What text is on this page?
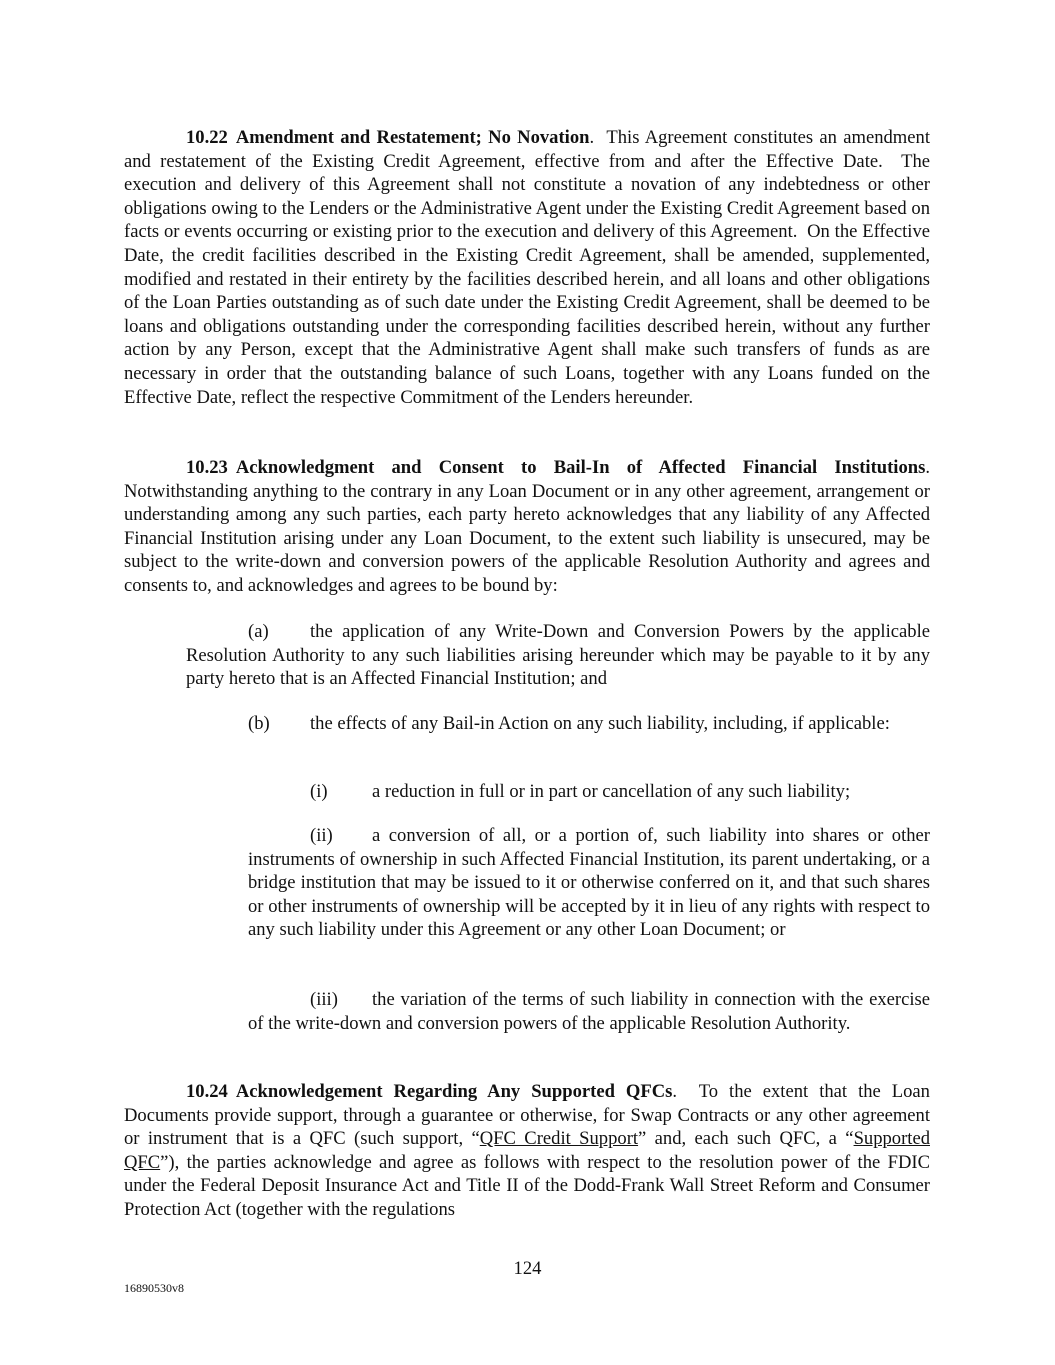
10.22 Amendment and Restatement; No Novation.  This Agreement constitutes an amendment and restatement of the Existing Credit Agreement, effective from and after the Effective Date.  The execution and delivery of this Agreement shall not constitute a novation of any indebtedness or other obligations owing to the Lenders or the Administrative Agent under the Existing Credit Agreement based on facts or events occurring or existing prior to the execution and delivery of this Agreement.  On the Effective Date, the credit facilities described in the Existing Credit Agreement, shall be amended, supplemented, modified and restated in their entirety by the facilities described herein, and all loans and other obligations of the Loan Parties outstanding as of such date under the Existing Credit Agreement, shall be deemed to be loans and obligations outstanding under the corresponding facilities described herein, without any further action by any Person, except that the Administrative Agent shall make such transfers of funds as are necessary in order that the outstanding balance of such Loans, together with any Loans funded on the Effective Date, reflect the respective Commitment of the Lenders hereunder.

10.23 Acknowledgment and Consent to Bail-In of Affected Financial Institutions. Notwithstanding anything to the contrary in any Loan Document or in any other agreement, arrangement or understanding among any such parties, each party hereto acknowledges that any liability of any Affected Financial Institution arising under any Loan Document, to the extent such liability is unsecured, may be subject to the write-down and conversion powers of the applicable Resolution Authority and agrees and consents to, and acknowledges and agrees to be bound by:

(a) the application of any Write-Down and Conversion Powers by the applicable Resolution Authority to any such liabilities arising hereunder which may be payable to it by any party hereto that is an Affected Financial Institution; and

(b) the effects of any Bail-in Action on any such liability, including, if applicable:

(i) a reduction in full or in part or cancellation of any such liability;

(ii) a conversion of all, or a portion of, such liability into shares or other instruments of ownership in such Affected Financial Institution, its parent undertaking, or a bridge institution that may be issued to it or otherwise conferred on it, and that such shares or other instruments of ownership will be accepted by it in lieu of any rights with respect to any such liability under this Agreement or any other Loan Document; or

(iii) the variation of the terms of such liability in connection with the exercise of the write-down and conversion powers of the applicable Resolution Authority.

10.24 Acknowledgement Regarding Any Supported QFCs.  To the extent that the Loan Documents provide support, through a guarantee or otherwise, for Swap Contracts or any other agreement or instrument that is a QFC (such support, “QFC Credit Support” and, each such QFC, a “Supported QFC”), the parties acknowledge and agree as follows with respect to the resolution power of the FDIC under the Federal Deposit Insurance Act and Title II of the Dodd-Frank Wall Street Reform and Consumer Protection Act (together with the regulations

124
16890530v8
